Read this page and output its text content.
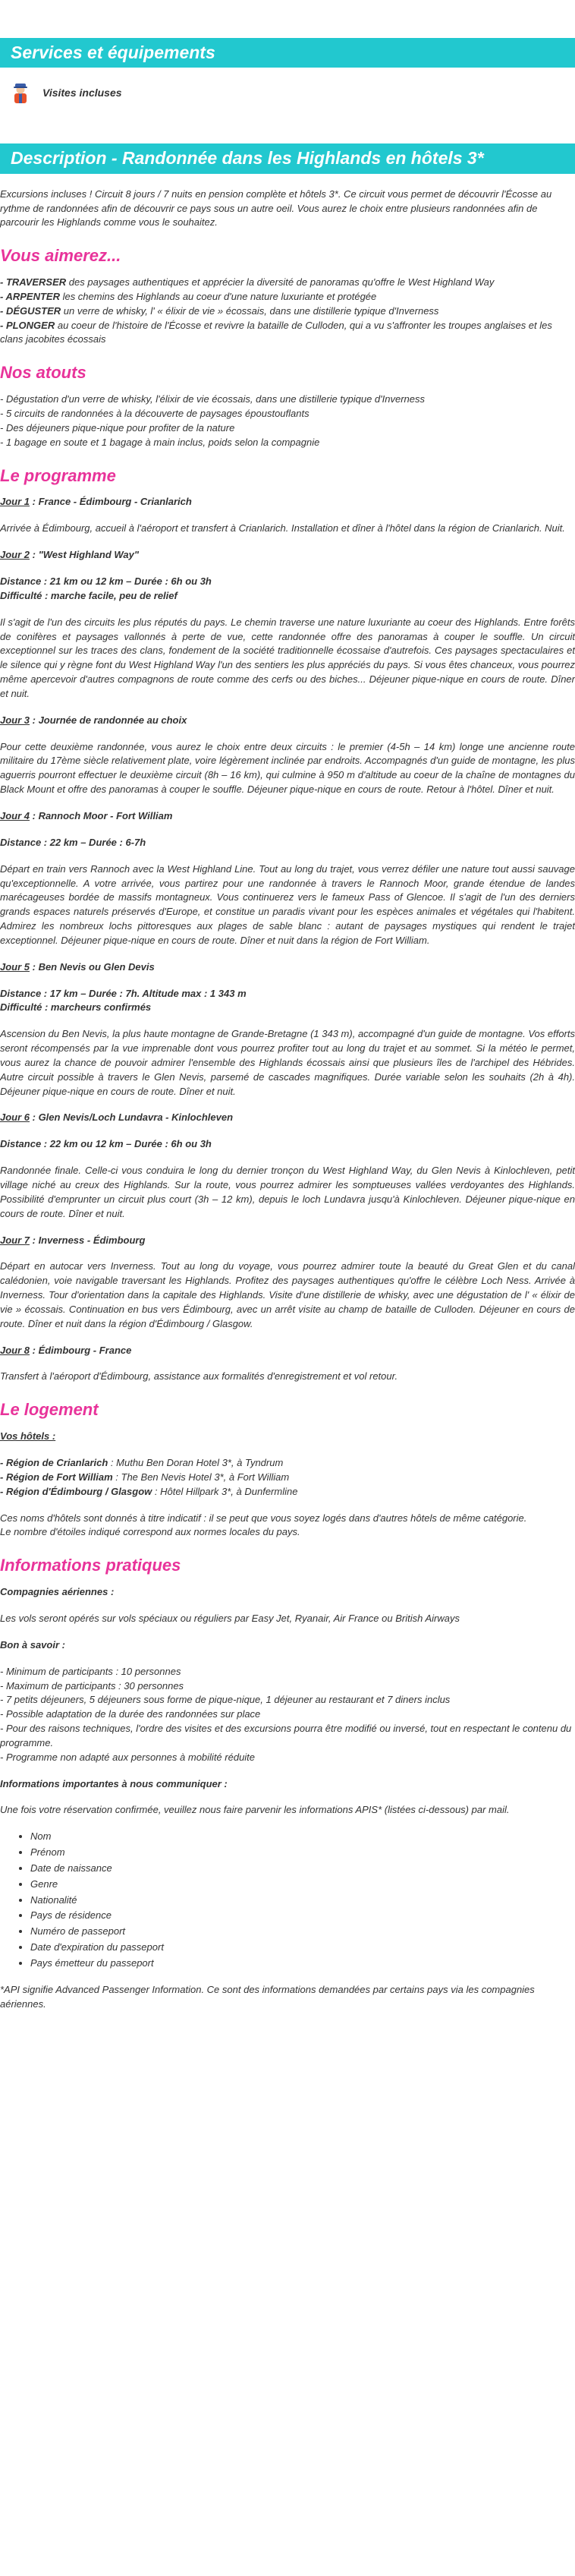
Services et équipements
Visites incluses
Description - Randonnée dans les Highlands en hôtels 3*

Excursions incluses ! Circuit 8 jours / 7 nuits en pension complète et hôtels 3*. Ce circuit vous permet de découvrir l'Écosse au rythme de randonnées afin de découvrir ce pays sous un autre oeil. Vous aurez le choix entre plusieurs randonnées afin de parcourir les Highlands comme vous le souhaitez.

Vous aimerez...
- TRAVERSER des paysages authentiques et apprécier la diversité de panoramas qu'offre le West Highland Way
- ARPENTER les chemins des Highlands au coeur d'une nature luxuriante et protégée
- DÉGUSTER un verre de whisky, l' « élixir de vie » écossais, dans une distillerie typique d'Inverness
- PLONGER au coeur de l'histoire de l'Écosse et revivre la bataille de Culloden, qui a vu s'affronter les troupes anglaises et les clans jacobites écossais
Nos atouts
- Dégustation d'un verre de whisky, l'élixir de vie écossais, dans une distillerie typique d'Inverness
- 5 circuits de randonnées à la découverte de paysages époustouflants
- Des déjeuners pique-nique pour profiter de la nature
- 1 bagage en soute et 1 bagage à main inclus, poids selon la compagnie
Le programme
Jour 1 : France - Édimbourg - Crianlarich

Arrivée à Édimbourg, accueil à l'aéroport et transfert à Crianlarich. Installation et dîner à l'hôtel dans la région de Crianlarich. Nuit.

Jour 2 : "West Highland Way"
Distance : 21 km ou 12 km – Durée : 6h ou 3h
Difficulté : marche facile, peu de relief

Il s'agit de l'un des circuits les plus réputés du pays. Le chemin traverse une nature luxuriante au coeur des Highlands. Entre forêts de conifères et paysages vallonnés à perte de vue, cette randonnée offre des panoramas à couper le souffle. Un circuit exceptionnel sur les traces des clans, fondement de la société traditionnelle écossaise d'autrefois. Ces paysages spectaculaires et le silence qui y règne font du West Highland Way l'un des sentiers les plus appréciés du pays. Si vous êtes chanceux, vous pourrez même apercevoir d'autres compagnons de route comme des cerfs ou des biches... Déjeuner pique-nique en cours de route. Dîner et nuit.

Jour 3 : Journée de randonnée au choix

Pour cette deuxième randonnée, vous aurez le choix entre deux circuits : le premier (4-5h – 14 km) longe une ancienne route militaire du 17ème siècle relativement plate, voire légèrement inclinée par endroits. Accompagnés d'un guide de montagne, les plus aguerris pourront effectuer le deuxième circuit (8h – 16 km), qui culmine à 950 m d'altitude au coeur de la chaîne de montagnes du Black Mount et offre des panoramas à couper le souffle. Déjeuner pique-nique en cours de route. Retour à l'hôtel. Dîner et nuit.

Jour 4 : Rannoch Moor - Fort William
Distance : 22 km – Durée : 6-7h

Départ en train vers Rannoch avec la West Highland Line. Tout au long du trajet, vous verrez défiler une nature tout aussi sauvage qu'exceptionnelle. A votre arrivée, vous partirez pour une randonnée à travers le Rannoch Moor, grande étendue de landes marécageuses bordée de massifs montagneux. Vous continuerez vers le fameux Pass of Glencoe. Il s'agit de l'un des derniers grands espaces naturels préservés d'Europe, et constitue un paradis vivant pour les espèces animales et végétales qui l'habitent. Admirez les nombreux lochs pittoresques aux plages de sable blanc : autant de paysages mystiques qui rendent le trajet exceptionnel. Déjeuner pique-nique en cours de route. Dîner et nuit dans la région de Fort William.

Jour 5 : Ben Nevis ou Glen Devis
Distance : 17 km – Durée : 7h. Altitude max : 1 343 m
Difficulté : marcheurs confirmés

Ascension du Ben Nevis, la plus haute montagne de Grande-Bretagne (1 343 m), accompagné d'un guide de montagne. Vos efforts seront récompensés par la vue imprenable dont vous pourrez profiter tout au long du trajet et au sommet. Si la météo le permet, vous aurez la chance de pouvoir admirer l'ensemble des Highlands écossais ainsi que plusieurs îles de l'archipel des Hébrides. Autre circuit possible à travers le Glen Nevis, parsemé de cascades magnifiques. Durée variable selon les souhaits (2h à 4h). Déjeuner pique-nique en cours de route. Dîner et nuit.

Jour 6 : Glen Nevis/Loch Lundavra - Kinlochleven
Distance : 22 km ou 12 km – Durée : 6h ou 3h

Randonnée finale. Celle-ci vous conduira le long du dernier tronçon du West Highland Way, du Glen Nevis à Kinlochleven, petit village niché au creux des Highlands. Sur la route, vous pourrez admirer les somptueuses vallées verdoyantes des Highlands. Possibilité d'emprunter un circuit plus court (3h – 12 km), depuis le loch Lundavra jusqu'à Kinlochleven. Déjeuner pique-nique en cours de route. Dîner et nuit.

Jour 7 : Inverness - Édimbourg

Départ en autocar vers Inverness. Tout au long du voyage, vous pourrez admirer toute la beauté du Great Glen et du canal calédonien, voie navigable traversant les Highlands. Profitez des paysages authentiques qu'offre le célèbre Loch Ness. Arrivée à Inverness. Tour d'orientation dans la capitale des Highlands. Visite d'une distillerie de whisky, avec une dégustation de l' « élixir de vie » écossais. Continuation en bus vers Édimbourg, avec un arrêt visite au champ de bataille de Culloden. Déjeuner en cours de route. Dîner et nuit dans la région d'Édimbourg / Glasgow.

Jour 8 : Édimbourg - France

Transfert à l'aéroport d'Édimbourg, assistance aux formalités d'enregistrement et vol retour.

Le logement
Vos hôtels :
- Région de Crianlarich : Muthu Ben Doran Hotel 3*, à Tyndrum
- Région de Fort William : The Ben Nevis Hotel 3*, à Fort William
- Région d'Édimbourg / Glasgow : Hôtel Hillpark 3*, à Dunfermline
Ces noms d'hôtels sont donnés à titre indicatif : il se peut que vous soyez logés dans d'autres hôtels de même catégorie.
Le nombre d'étoiles indiqué correspond aux normes locales du pays.
Informations pratiques

Compagnies aériennes :

Les vols seront opérés sur vols spéciaux ou réguliers par Easy Jet, Ryanair, Air France ou British Airways

Bon à savoir :

- Minimum de participants : 10 personnes
- Maximum de participants : 30 personnes
- 7 petits déjeuners, 5 déjeuners sous forme de pique-nique, 1 déjeuner au restaurant et 7 diners inclus
- Possible adaptation de la durée des randonnées sur place
- Pour des raisons techniques, l'ordre des visites et des excursions pourra être modifié ou inversé, tout en respectant le contenu du programme.
- Programme non adapté aux personnes à mobilité réduite

Informations importantes à nous communiquer :

Une fois votre réservation confirmée, veuillez nous faire parvenir les informations APIS* (listées ci-dessous) par mail.

• Nom
• Prénom
• Date de naissance
• Genre
• Nationalité
• Pays de résidence
• Numéro de passeport
• Date d'expiration du passeport
• Pays émetteur du passeport

*API signifie Advanced Passenger Information. Ce sont des informations demandées par certains pays via les compagnies aériennes.
